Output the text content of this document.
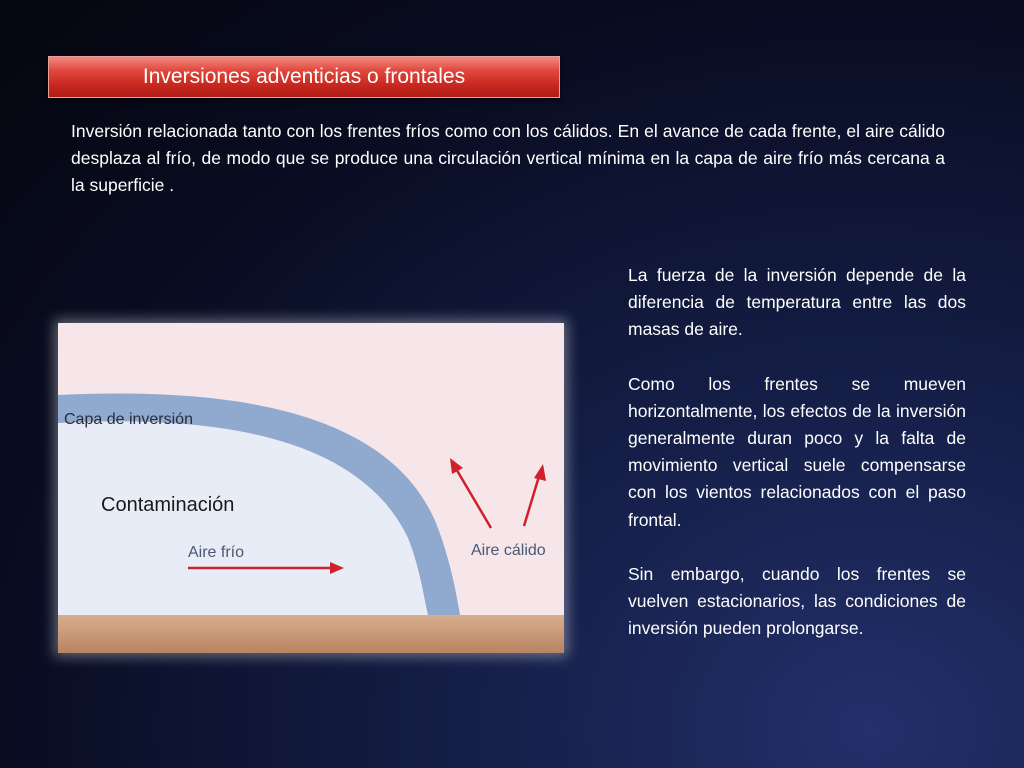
Inversiones adventicias o frontales
Inversión relacionada tanto con los frentes fríos como con los cálidos. En el avance de cada frente, el aire cálido desplaza al frío, de modo que se produce una circulación vertical mínima en la capa de aire frío más cercana a la superficie .
Capa de inversión
Contaminación
Aire frío	Aire cálido

La fuerza de la inversión depende de la diferencia de temperatura entre las dos masas de aire.

Como los frentes se mueven horizontalmente, los efectos de la inversión generalmente duran poco y la falta de movimiento vertical suele compensarse con los vientos relacionados con el paso frontal.

Sin embargo, cuando los frentes se vuelven estacionarios, las condiciones de inversión pueden prolongarse.
